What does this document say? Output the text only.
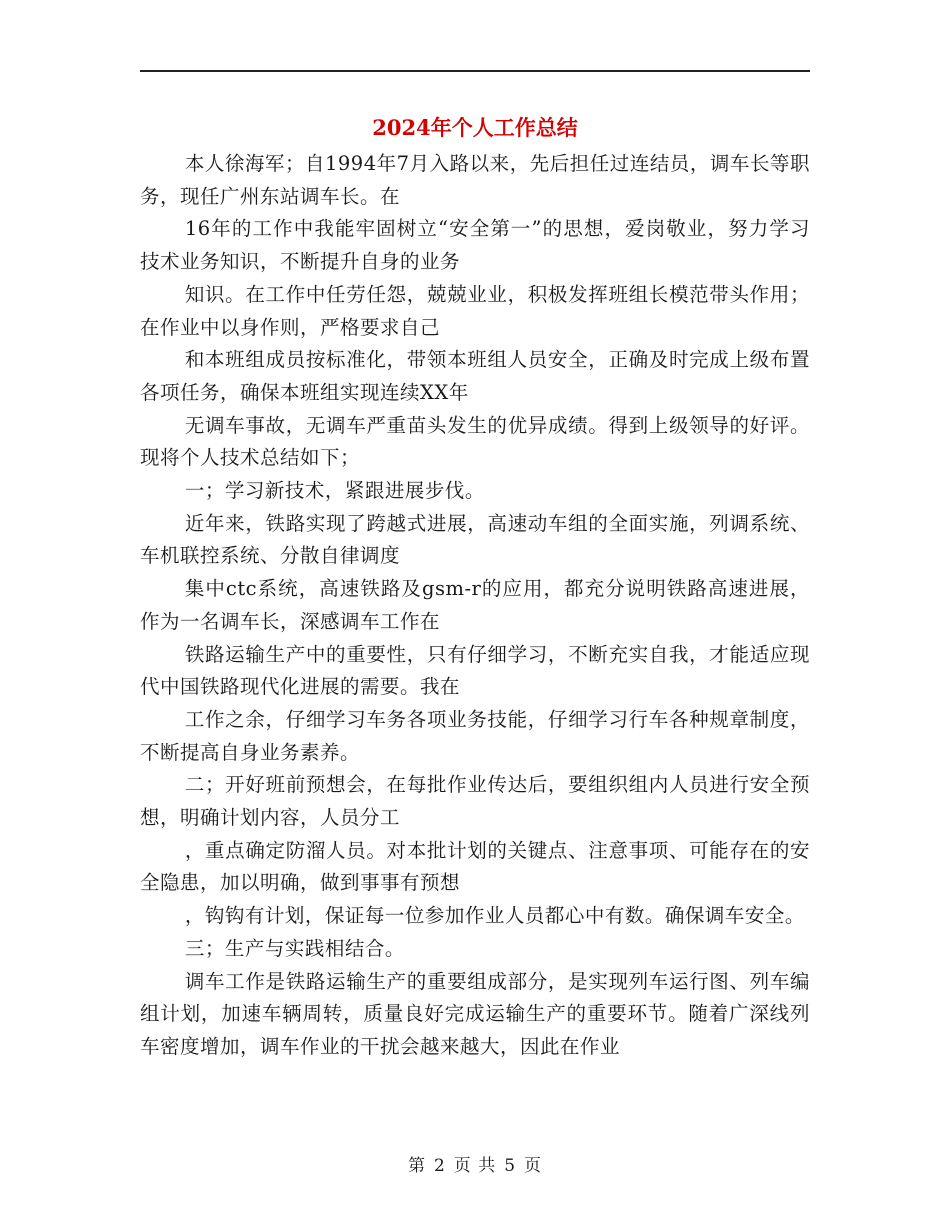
2024年个人工作总结

本人徐海军；自1994年7月入路以来，先后担任过连结员，调车长等职务，现任广州东站调车长。在

16年的工作中我能牢固树立“安全第一”的思想，爱岗敬业，努力学习技术业务知识，不断提升自身的业务

知识。在工作中任劳任怨，兢兢业业，积极发挥班组长模范带头作用；在作业中以身作则，严格要求自己

和本班组成员按标准化，带领本班组人员安全，正确及时完成上级布置各项任务，确保本班组实现连续XX年

无调车事故，无调车严重苗头发生的优异成绩。得到上级领导的好评。现将个人技术总结如下；

一；学习新技术，紧跟进展步伐。

近年来，铁路实现了跨越式进展，高速动车组的全面实施，列调系统、车机联控系统、分散自律调度

集中ctc系统，高速铁路及gsm-r的应用，都充分说明铁路高速进展，作为一名调车长，深感调车工作在

铁路运输生产中的重要性，只有仔细学习，不断充实自我，才能适应现代中国铁路现代化进展的需要。我在

工作之余，仔细学习车务各项业务技能，仔细学习行车各种规章制度，不断提高自身业务素养。

二；开好班前预想会，在每批作业传达后，要组织组内人员进行安全预想，明确计划内容，人员分工

，重点确定防溜人员。对本批计划的关键点、注意事项、可能存在的安全隐患，加以明确，做到事事有预想

，钩钩有计划，保证每一位参加作业人员都心中有数。确保调车安全。

三；生产与实践相结合。

调车工作是铁路运输生产的重要组成部分，是实现列车运行图、列车编组计划，加速车辆周转，质量良好完成运输生产的重要环节。随着广深线列车密度增加，调车作业的干扰会越来越大，因此在作业

第 2 页 共 5 页
